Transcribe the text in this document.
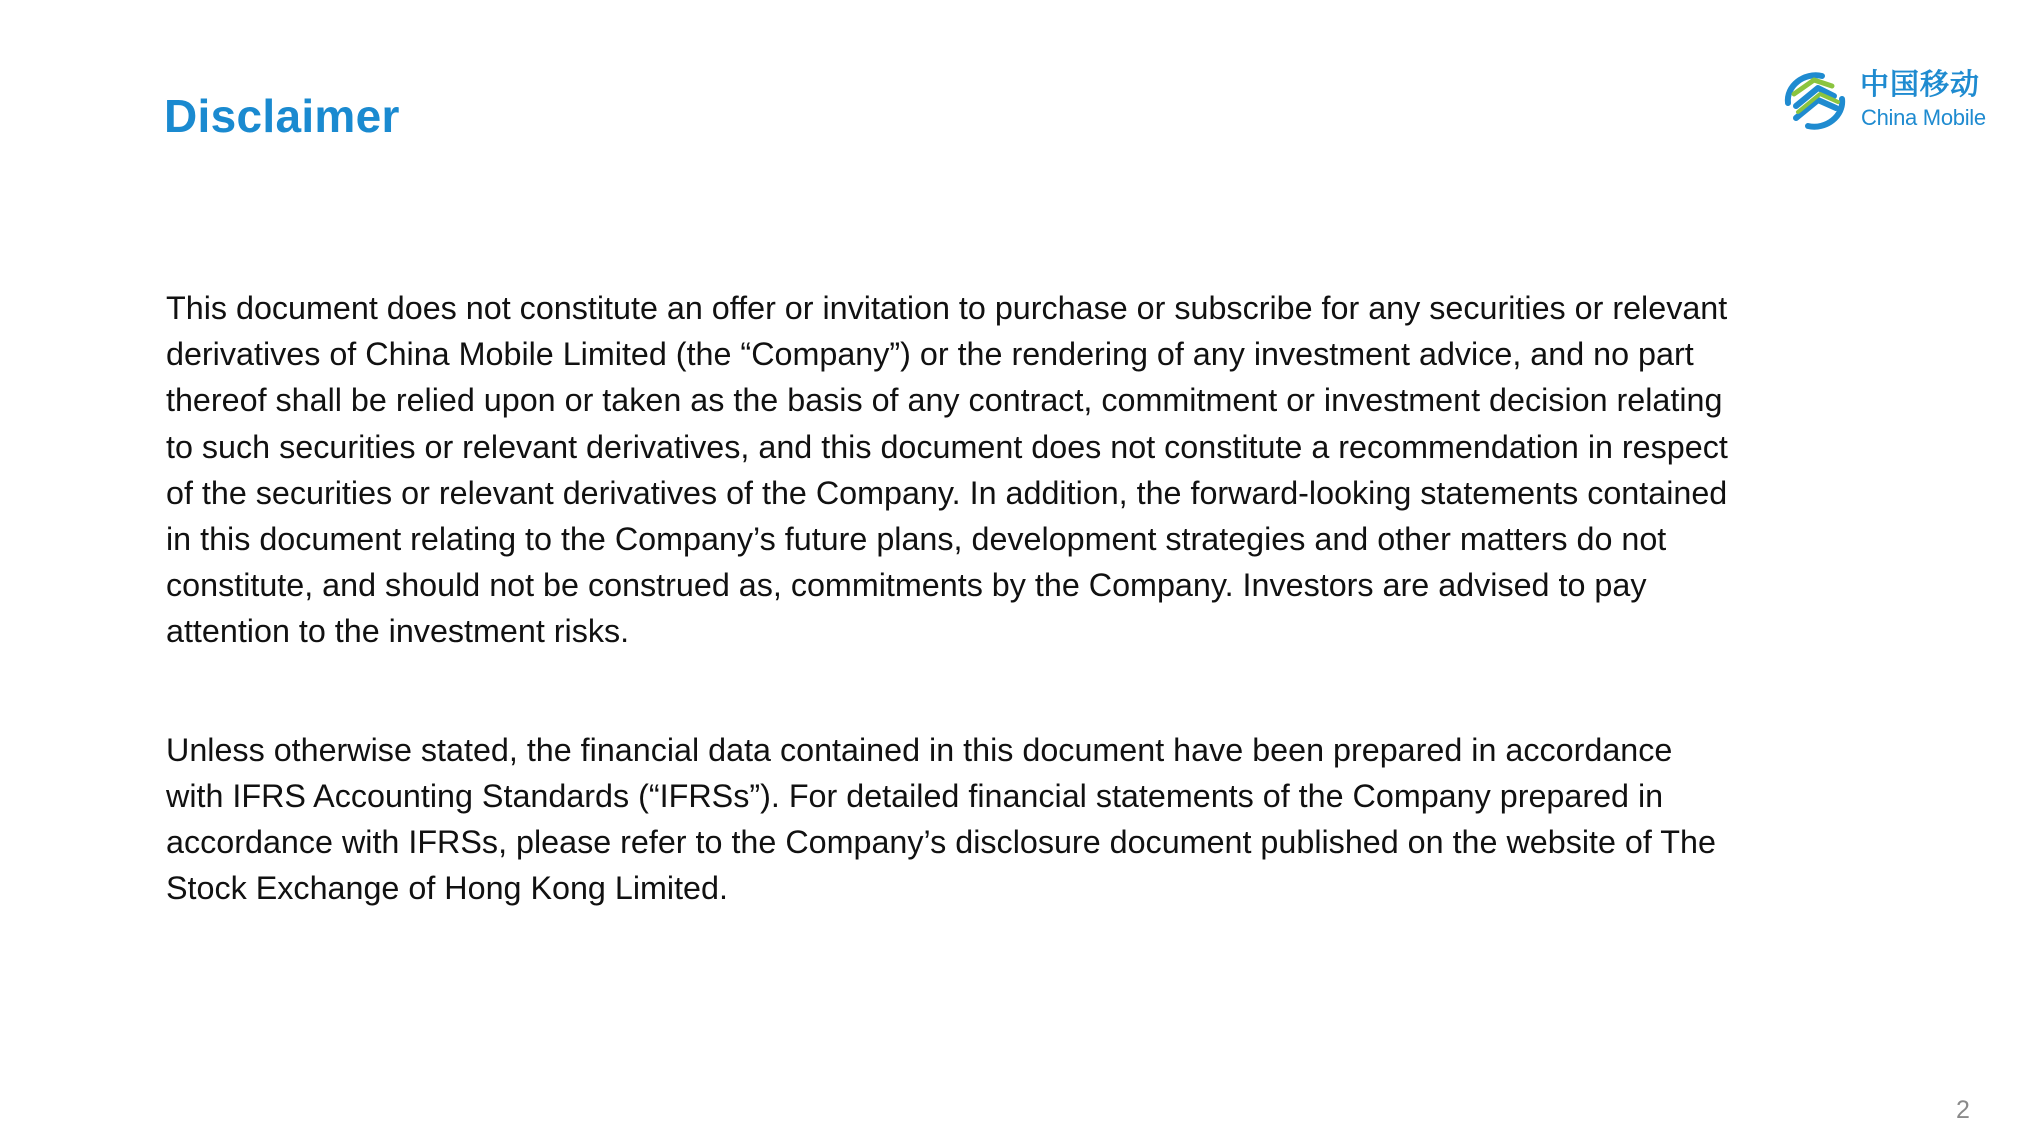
Disclaimer
中国移动
China Mobile

This document does not constitute an offer or invitation to purchase or subscribe for any securities or relevant
derivatives of China Mobile Limited (the “Company”) or the rendering of any investment advice, and no part
thereof shall be relied upon or taken as the basis of any contract, commitment or investment decision relating
to such securities or relevant derivatives, and this document does not constitute a recommendation in respect
of the securities or relevant derivatives of the Company. In addition, the forward-looking statements contained
in this document relating to the Company’s future plans, development strategies and other matters do not
constitute, and should not be construed as, commitments by the Company. Investors are advised to pay
attention to the investment risks.

Unless otherwise stated, the financial data contained in this document have been prepared in accordance
with IFRS Accounting Standards (“IFRSs”). For detailed financial statements of the Company prepared in
accordance with IFRSs, please refer to the Company’s disclosure document published on the website of The
Stock Exchange of Hong Kong Limited.

2
